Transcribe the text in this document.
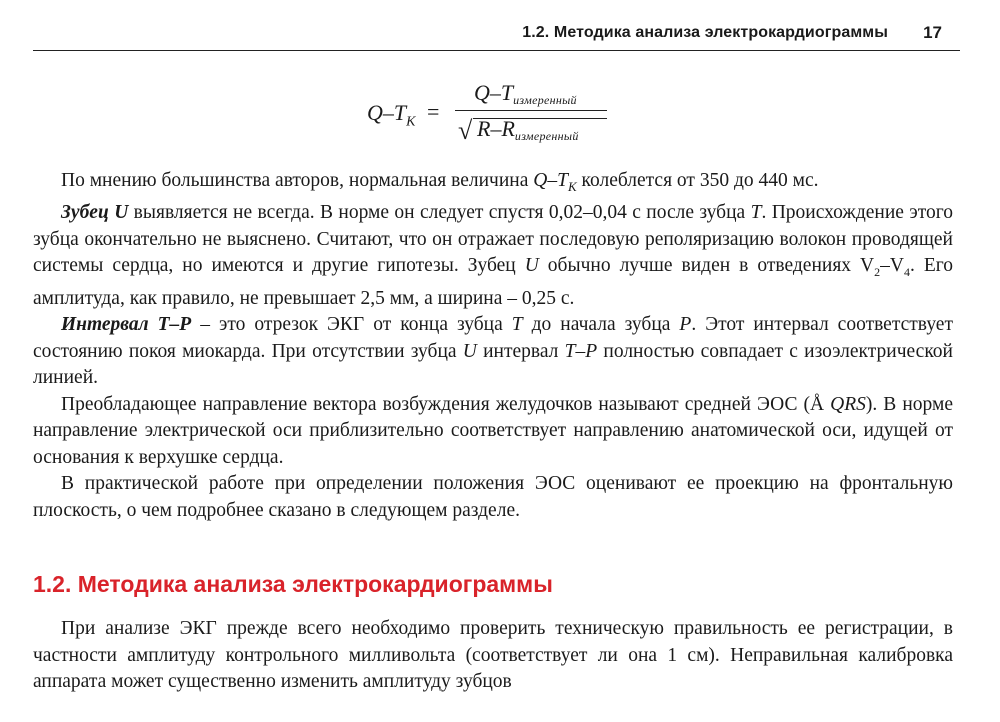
1.2. Методика анализа электрокардиограммы 17
$Q-T_K$ =
Q–Tизмеренный
√ R–Rизмеренный

По мнению большинства авторов, нормальная величина $Q-T_K$ колеблется от 350 до 440 мс.

Зубец U выявляется не всегда. В норме он следует спустя 0,02–0,04 с после зубца T. Происхождение этого зубца окончательно не выяснено. Считают, что он отражает последовую реполяризацию волокон проводящей системы сердца, но имеются и другие гипотезы. Зубец U обычно лучше виден в отведениях $V_2-V_4$. Его амплитуда, как правило, не превышает 2,5 мм, а ширина – 0,25 с.

Интервал T–P – это отрезок ЭКГ от конца зубца T до начала зубца P. Этот интервал соответствует состоянию покоя миокарда. При отсутствии зубца U интервал T–P полностью совпадает с изоэлектрической линией.

Преобладающее направление вектора возбуждения желудочков называют средней ЭОС (Å QRS). В норме направление электрической оси приблизительно соответствует направлению анатомической оси, идущей от основания к верхушке сердца.

В практической работе при определении положения ЭОС оценивают ее проекцию на фронтальную плоскость, о чем подробнее сказано в следующем разделе.

1.2. Методика анализа электрокардиограммы

При анализе ЭКГ прежде всего необходимо проверить техническую правильность ее регистрации, в частности амплитуду контрольного милливольта (соответствует ли она 1 см). Неправильная калибровка аппарата может существенно изменить амплитуду зубцов
